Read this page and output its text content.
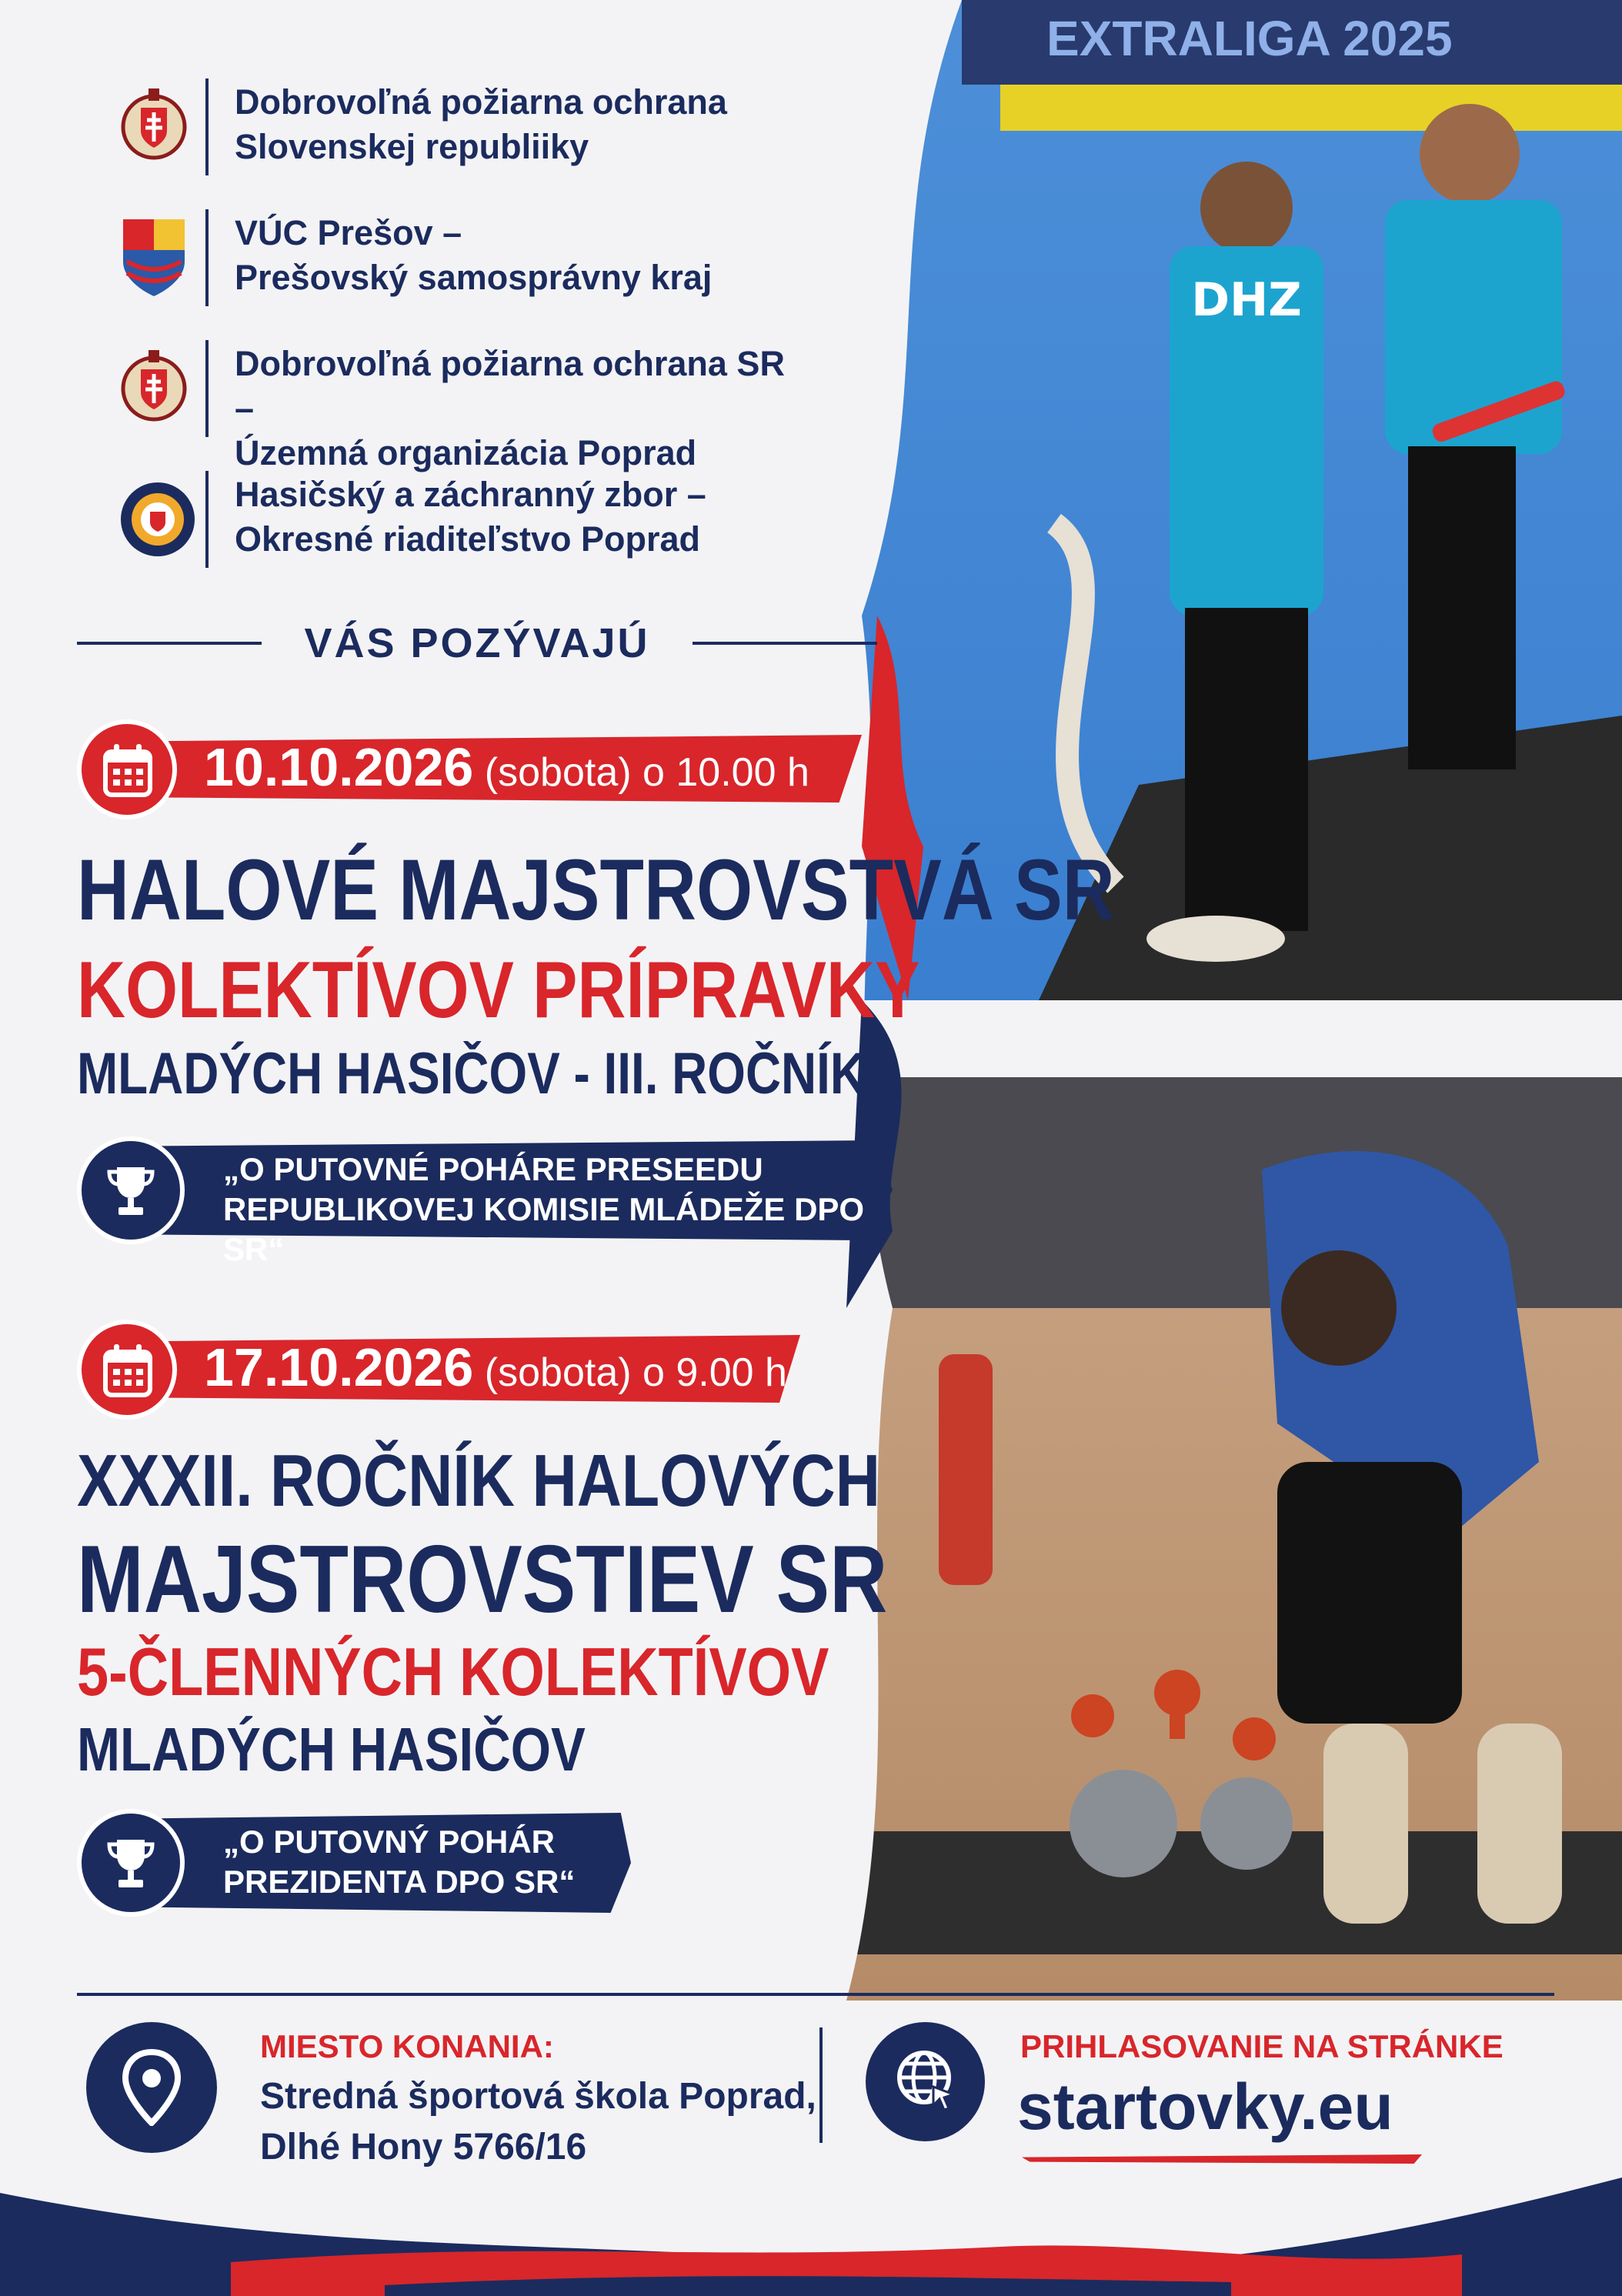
DHZ
EXTRALIGA 2025
Dobrovoľná požiarna ochrana
Slovenskej republiiky
VÚC Prešov –
Prešovský samosprávny kraj
Dobrovoľná požiarna ochrana SR –
Územná organizácia Poprad
Hasičský a záchranný zbor –
Okresné riaditeľstvo Poprad
VÁS POZÝVAJÚ
10.10.2026 (sobota) o 10.00 h
HALOVÉ MAJSTROVSTVÁ SR
KOLEKTÍVOV PRÍPRAVKY
MLADÝCH HASIČOV - III. ROČNÍK
„O PUTOVNÉ POHÁRE PRESEEDU
REPUBLIKOVEJ KOMISIE MLÁDEŽE DPO SR“
17.10.2026 (sobota) o 9.00 h
XXXII. ROČNÍK HALOVÝCH
MAJSTROVSTIEV SR
5-ČLENNÝCH KOLEKTÍVOV
MLADÝCH HASIČOV
„O PUTOVNÝ POHÁR
PREZIDENTA DPO SR“
MIESTO KONANIA:
Stredná športová škola Poprad,
Dlhé Hony 5766/16
PRIHLASOVANIE NA STRÁNKE
startovky.eu
